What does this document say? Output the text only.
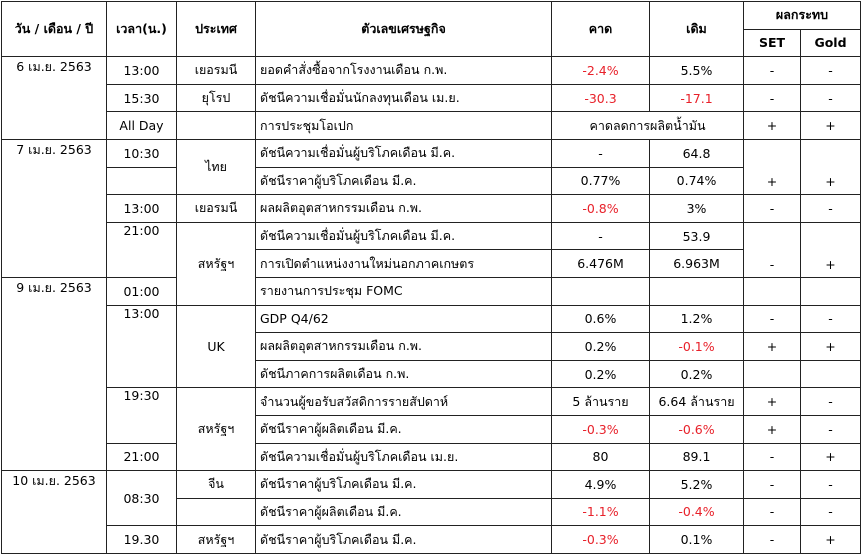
วัน / เดือน / ปี	เวลา(น.)	ประเทศ	ตัวเลขเศรษฐกิจ	คาด	เดิม	ผลกระทบ	
						SET	Gold
6 เม.ย. 2563	13:00	เยอรมนี	ยอดคำสั่งซื้อจากโรงงานเดือน ก.พ.	-2.4%	5.5%	-	-
	15:30	ยุโรป	ดัชนีความเชื่อมั่นนักลงทุนเดือน เม.ย.	-30.3	-17.1	-	-
	All Day		การประชุมโอเปก	คาดลดการผลิตน้ำมัน		+	+
7 เม.ย. 2563	10:30	ไทย	ดัชนีความเชื่อมั่นผู้บริโภคเดือน มี.ค.	-	64.8	+	+
			ดัชนีราคาผู้บริโภคเดือน มี.ค.	0.77%	0.74%		
	13:00	เยอรมนี	ผลผลิตอุตสาหกรรมเดือน ก.พ.	-0.8%	3%	-	-
	21:00	สหรัฐฯ	ดัชนีความเชื่อมั่นผู้บริโภคเดือน มี.ค.	-	53.9	-	+
			การเปิดตำแหน่งงานใหม่นอกภาคเกษตร	6.476M	6.963M		
9 เม.ย. 2563	01:00		รายงานการประชุม FOMC				
	13:00	UK	GDP Q4/62	0.6%	1.2%	-	-
			ผลผลิตอุตสาหกรรมเดือน ก.พ.	0.2%	-0.1%	+	+
			ดัชนีภาคการผลิตเดือน ก.พ.	0.2%	0.2%		
	19:30	สหรัฐฯ	จำนวนผู้ขอรับสวัสดิการรายสัปดาห์	5 ล้านราย	6.64 ล้านราย	+	-
			ดัชนีราคาผู้ผลิตเดือน มี.ค.	-0.3%	-0.6%	+	-
	21:00		ดัชนีความเชื่อมั่นผู้บริโภคเดือน เม.ย.	80	89.1	-	+
10 เม.ย. 2563	08:30	จีน	ดัชนีราคาผู้บริโภคเดือน มี.ค.	4.9%	5.2%	-	-
			ดัชนีราคาผู้ผลิตเดือน มี.ค.	-1.1%	-0.4%	-	-
	19.30	สหรัฐฯ	ดัชนีราคาผู้บริโภคเดือน มี.ค.	-0.3%	0.1%	-	+
